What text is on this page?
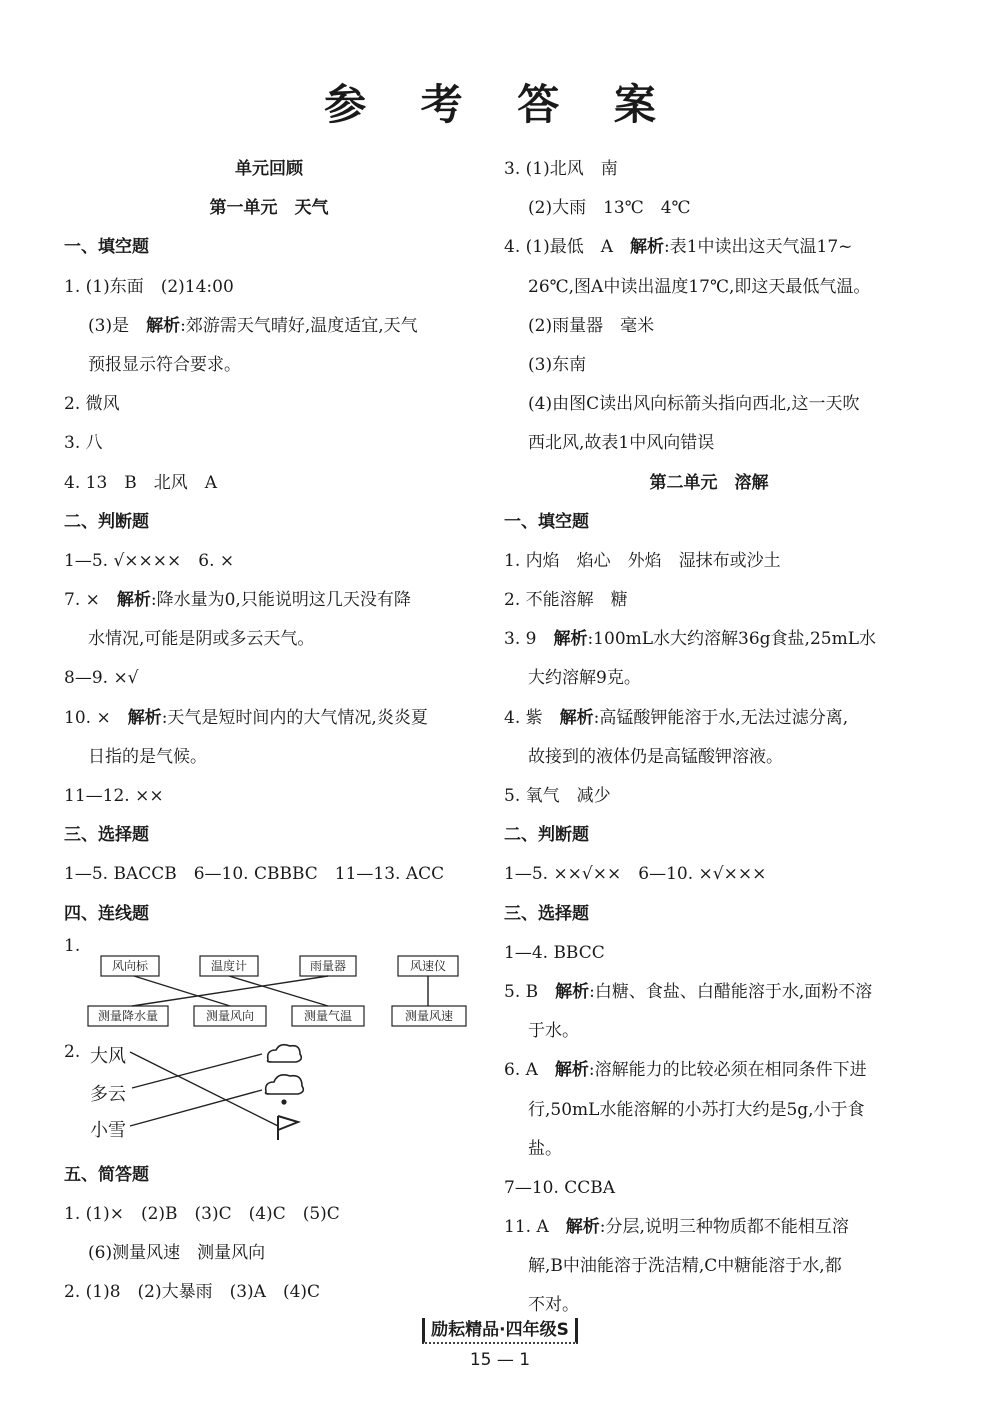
参 考 答 案
单元回顾
第一单元　天气
一、填空题
1. (1)东面　(2)14:00
(3)是　解析:郊游需天气晴好,温度适宜,天气
预报显示符合要求。
2. 微风
3. 八
4. 13　B　北风　A
二、判断题
1—5. √××××　6. ×
7. ×　解析:降水量为0,只能说明这几天没有降
水情况,可能是阴或多云天气。
8—9. ×√
10. ×　解析:天气是短时间内的大气情况,炎炎夏
日指的是气候。
11—12. ××
三、选择题
1—5. BACCB　6—10. CBBBC　11—13. ACC
四、连线题
1.
风向标	温度计	雨量器	风速仪
测量降水量	测量风向	测量气温	测量风速
2. 大风
多云
小雪
五、简答题
1. (1)×　(2)B　(3)C　(4)C　(5)C
(6)测量风速　测量风向
2. (1)8　(2)大暴雨　(3)A　(4)C
3. (1)北风　南
(2)大雨　13℃　4℃
4. (1)最低　A　解析:表1中读出这天气温17~
26℃,图A中读出温度17℃,即这天最低气温。
(2)雨量器　毫米
(3)东南
(4)由图C读出风向标箭头指向西北,这一天吹
西北风,故表1中风向错误
第二单元　溶解
一、填空题
1. 内焰　焰心　外焰　湿抹布或沙土
2. 不能溶解　糖
3. 9　解析:100mL水大约溶解36g食盐,25mL水
大约溶解9克。
4. 紫　解析:高锰酸钾能溶于水,无法过滤分离,
故接到的液体仍是高锰酸钾溶液。
5. 氧气　减少
二、判断题
1—5. ××√××　6—10. ×√×××
三、选择题
1—4. BBCC
5. B　解析:白糖、食盐、白醋能溶于水,面粉不溶
于水。
6. A　解析:溶解能力的比较必须在相同条件下进
行,50mL水能溶解的小苏打大约是5g,小于食
盐。
7—10. CCBA
11. A　解析:分层,说明三种物质都不能相互溶
解,B中油能溶于洗洁精,C中糖能溶于水,都
不对。
励耘精品·四年级S
15 — 1
